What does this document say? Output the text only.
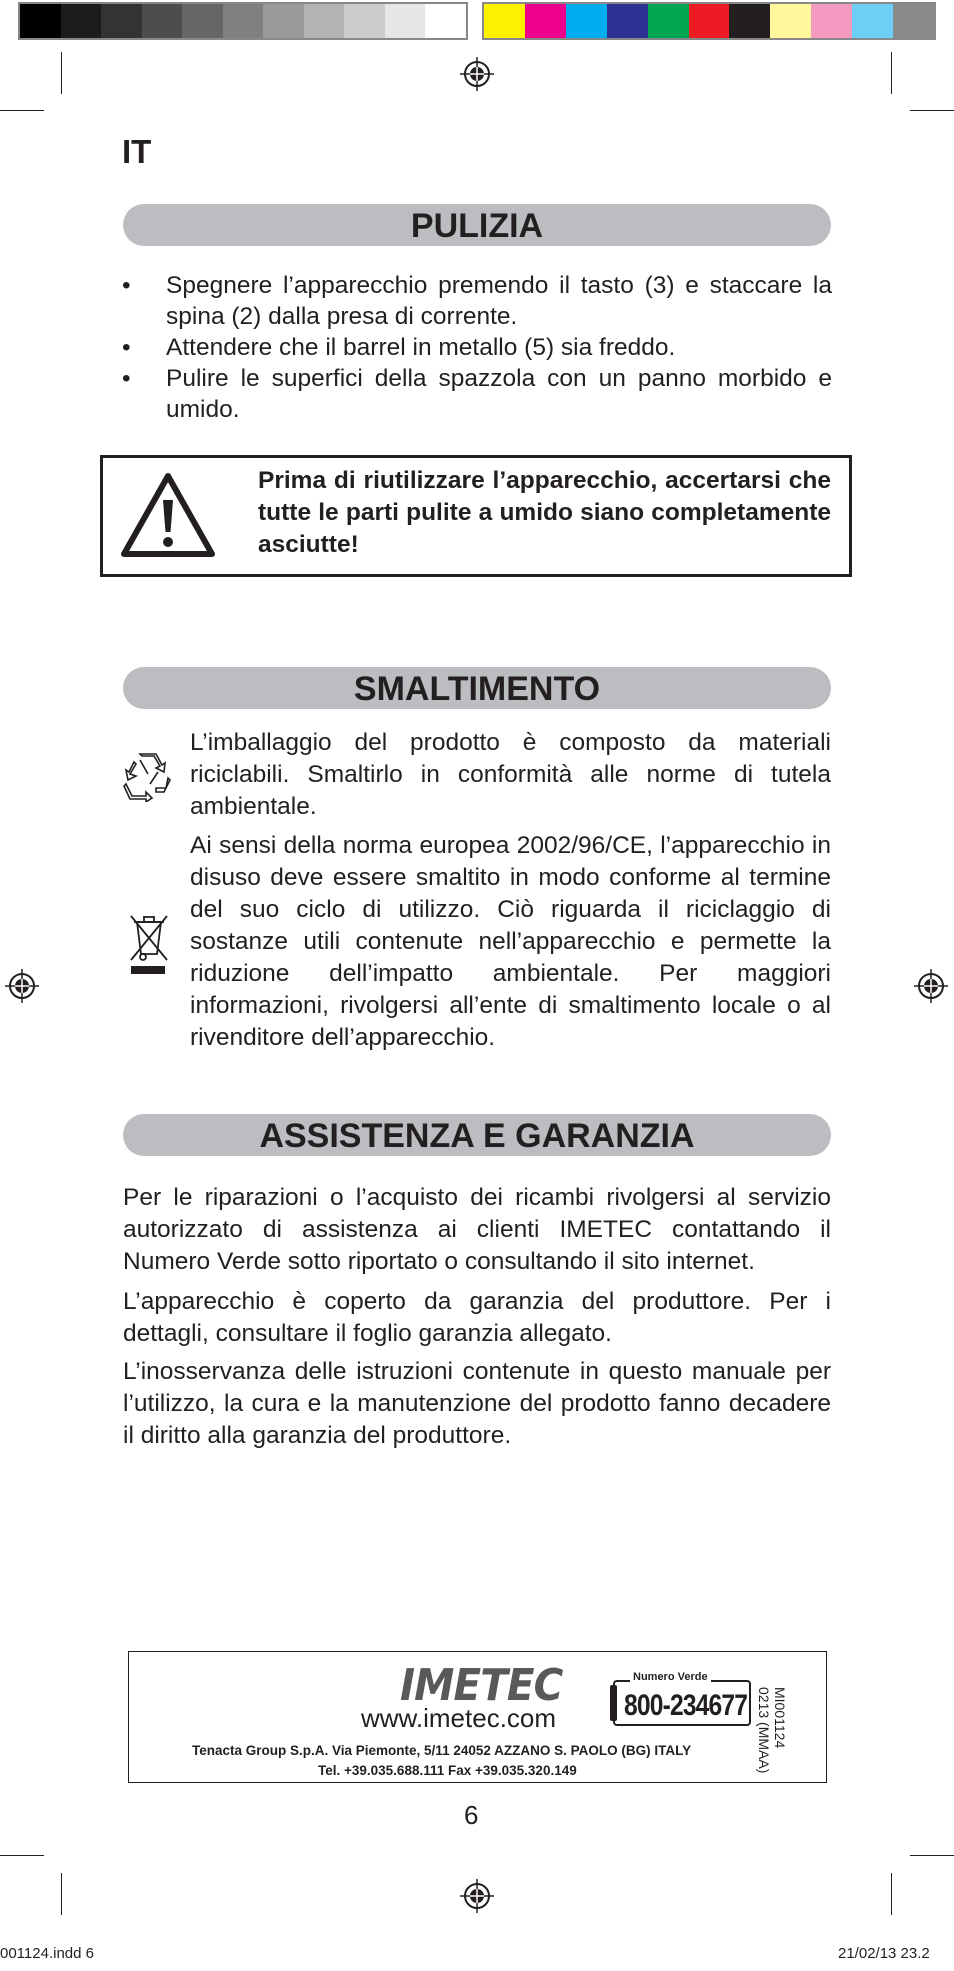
IT
PULIZIA
• Spegnere l’apparecchio premendo il tasto (3) e staccare la spina (2) dalla presa di corrente.
• Attendere che il barrel in metallo (5) sia freddo.
• Pulire le superfici della spazzola con un panno morbido e umido.
Prima di riutilizzare l’apparecchio, accertarsi che tutte le parti pulite a umido siano completamente asciutte!
SMALTIMENTO
L’imballaggio del prodotto è composto da materiali riciclabili. Smaltirlo in conformità alle norme di tutela ambientale.
Ai sensi della norma europea 2002/96/CE, l’apparecchio in disuso deve essere smaltito in modo conforme al termine del suo ciclo di utilizzo. Ciò riguarda il riciclaggio di sostanze utili contenute nell’apparecchio e permette la riduzione dell’impatto ambientale. Per maggiori informazioni, rivolgersi all’ente di smaltimento locale o al rivenditore dell’apparecchio.
ASSISTENZA E GARANZIA
Per le riparazioni o l’acquisto dei ricambi rivolgersi al servizio autorizzato di assistenza ai clienti IMETEC contattando il Numero Verde sotto riportato o consultando il sito internet.
L’apparecchio è coperto da garanzia del produttore. Per i dettagli, consultare il foglio garanzia allegato.
L’inosservanza delle istruzioni contenute in questo manuale per l’utilizzo, la cura e la manutenzione del prodotto fanno decadere il diritto alla garanzia del produttore.
IMETEC
www.imetec.com
Numero Verde
800-234677
Tenacta Group S.p.A. Via Piemonte, 5/11 24052 AZZANO S. PAOLO (BG) ITALY
Tel. +39.035.688.111 Fax +39.035.320.149
MI001124
0213 (MMAA)
6
001124.indd 6	21/02/13 23.2
